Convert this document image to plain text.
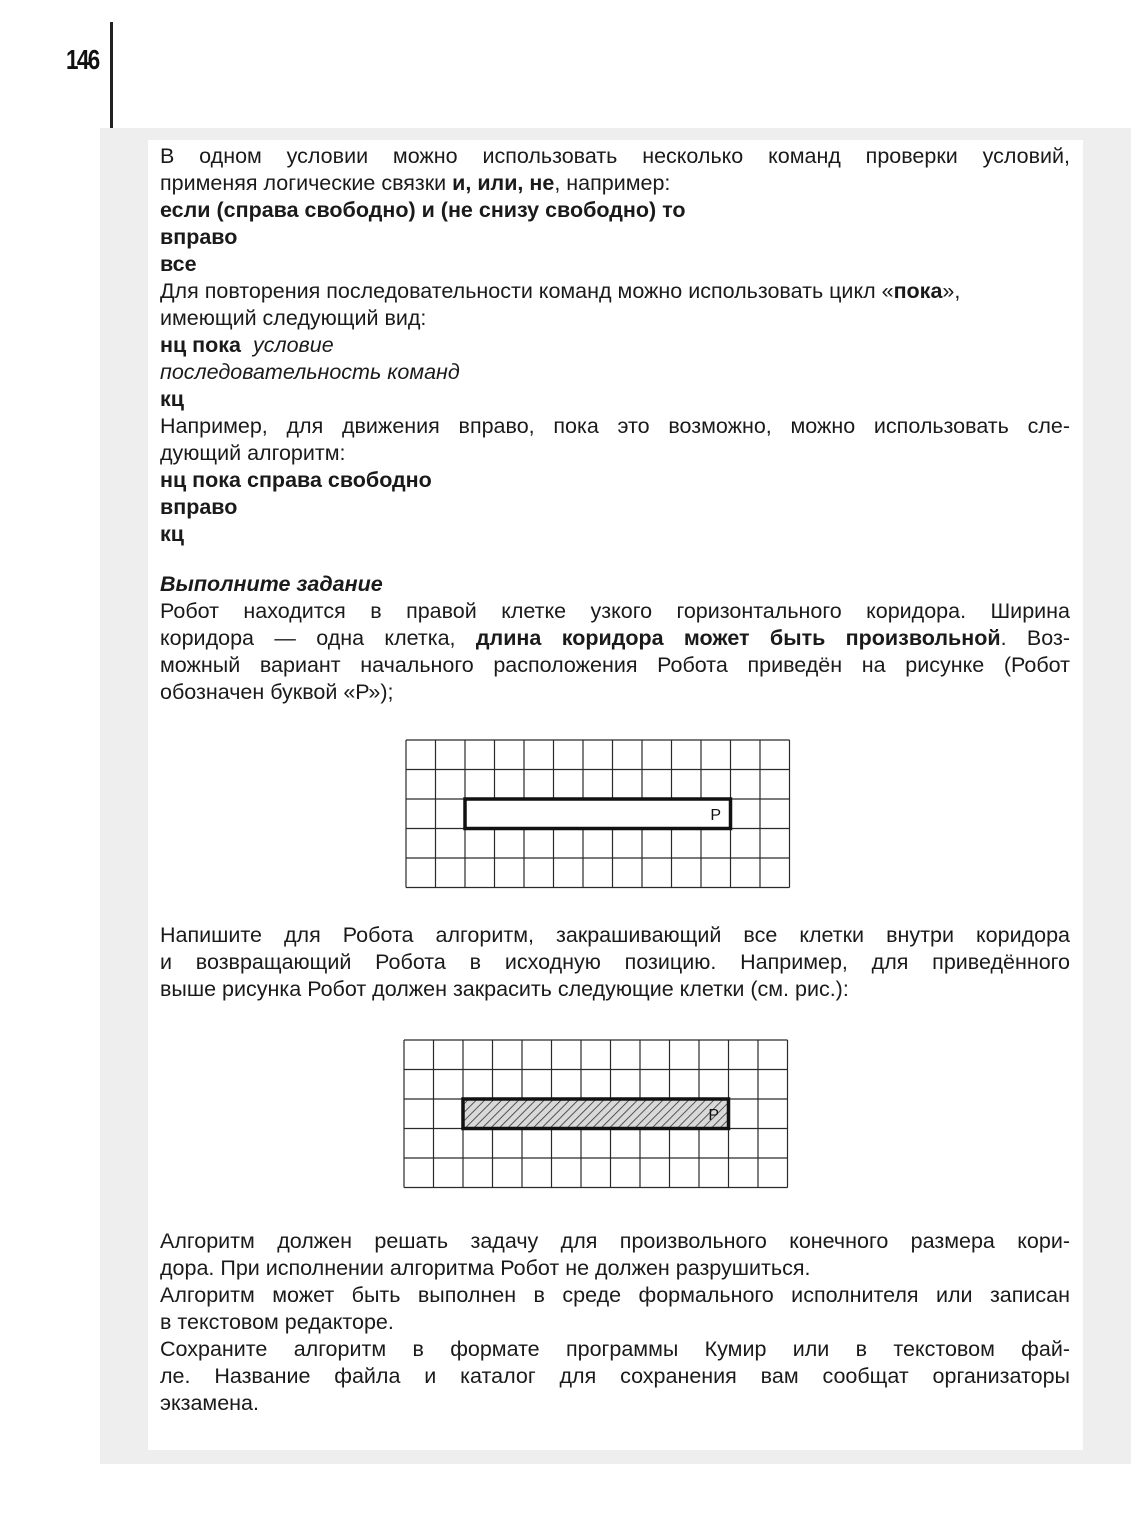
146
В одном условии можно использовать несколько команд проверки условий,
применяя логические связки и, или, не, например:
если (справа свободно) и (не снизу свободно) то
вправо
все
Для повторения последовательности команд можно использовать цикл «пока»,
имеющий следующий вид:
нц пока условие
последовательность команд
кц
Например, для движения вправо, пока это возможно, можно использовать сле-
дующий алгоритм:
нц пока справа свободно
вправо
кц
Выполните задание
Робот находится в правой клетке узкого горизонтального коридора. Ширина
коридора — одна клетка, длина коридора может быть произвольной. Воз-
можный вариант начального расположения Робота приведён на рисунке (Робот
обозначен буквой «Р»);
Р
Напишите для Робота алгоритм, закрашивающий все клетки внутри коридора
и возвращающий Робота в исходную позицию. Например, для приведённого
выше рисунка Робот должен закрасить следующие клетки (см. рис.):
Р
Алгоритм должен решать задачу для произвольного конечного размера кори-
дора. При исполнении алгоритма Робот не должен разрушиться.
Алгоритм может быть выполнен в среде формального исполнителя или записан
в текстовом редакторе.
Сохраните алгоритм в формате программы Кумир или в текстовом фай-
ле. Название файла и каталог для сохранения вам сообщат организаторы
экзамена.
